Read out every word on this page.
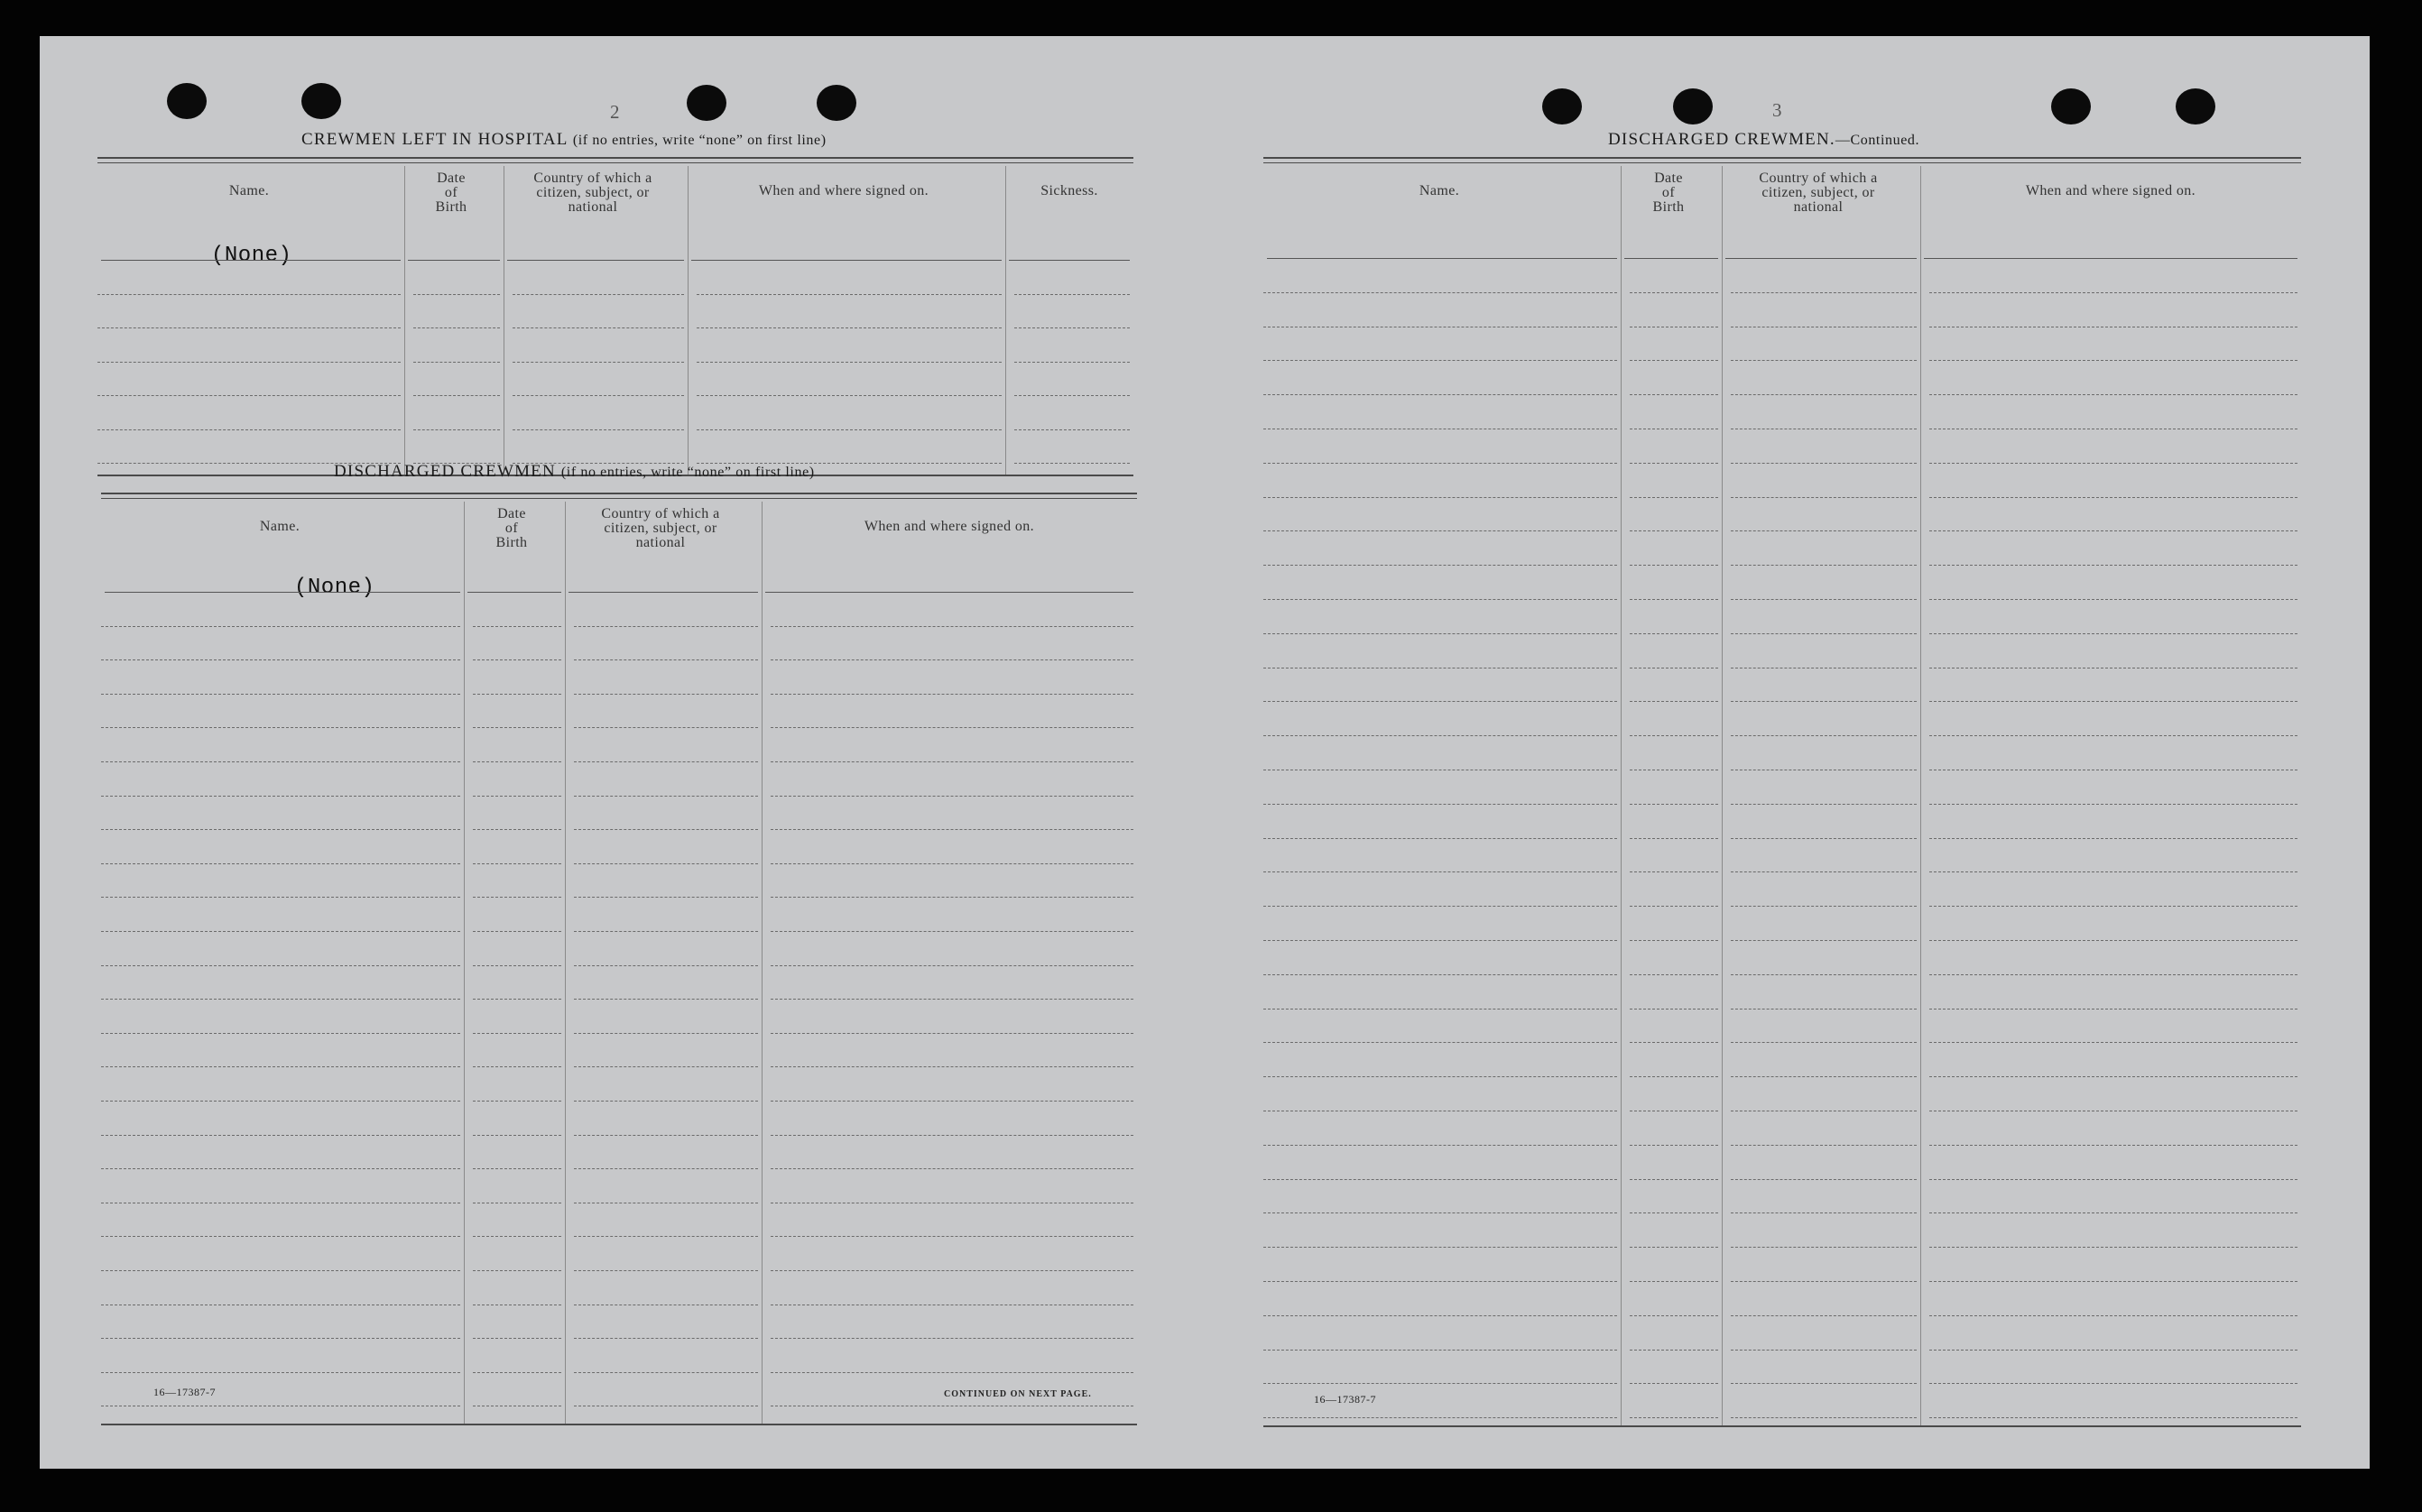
2
CREWMEN LEFT IN HOSPITAL (if no entries, write “none” on first line)
Name.
Date of Birth
Country of which a citizen, subject, or national
When and where signed on.	Sickness.
(None)
DISCHARGED CREWMEN (if no entries, write “none” on first line)
Name.
Date of Birth
Country of which a citizen, subject, or national
When and where signed on.
(None)
16—17387-7	CONTINUED ON NEXT PAGE.
3
DISCHARGED CREWMEN.—Continued.
Name.
Date of Birth
Country of which a citizen, subject, or national
When and where signed on.
16—17387-7
